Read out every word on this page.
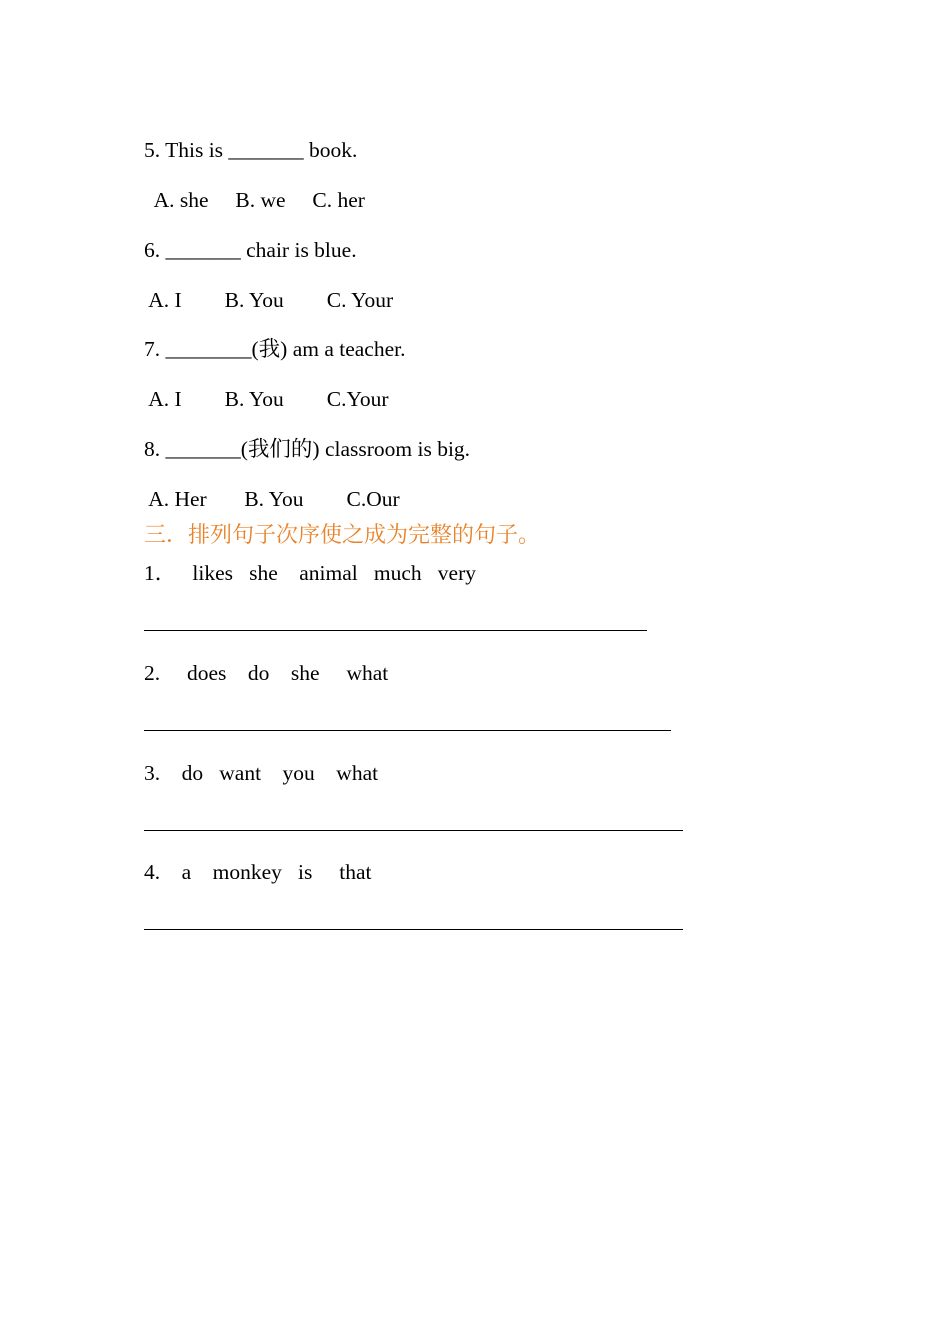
5. This is _______ book.
A. she     B. we     C. her
6. _______ chair is blue.
A. I        B. You        C. Your
7. ________(我) am a teacher.
A. I        B. You        C.Your
8. _______(我们的) classroom is big.
A. Her       B. You        C.Our
三．排列句子次序使之成为完整的句子。
1．   likes   she    animal   much   very
2.     does    do    she     what
3.    do   want    you    what
4.    a    monkey   is     that
